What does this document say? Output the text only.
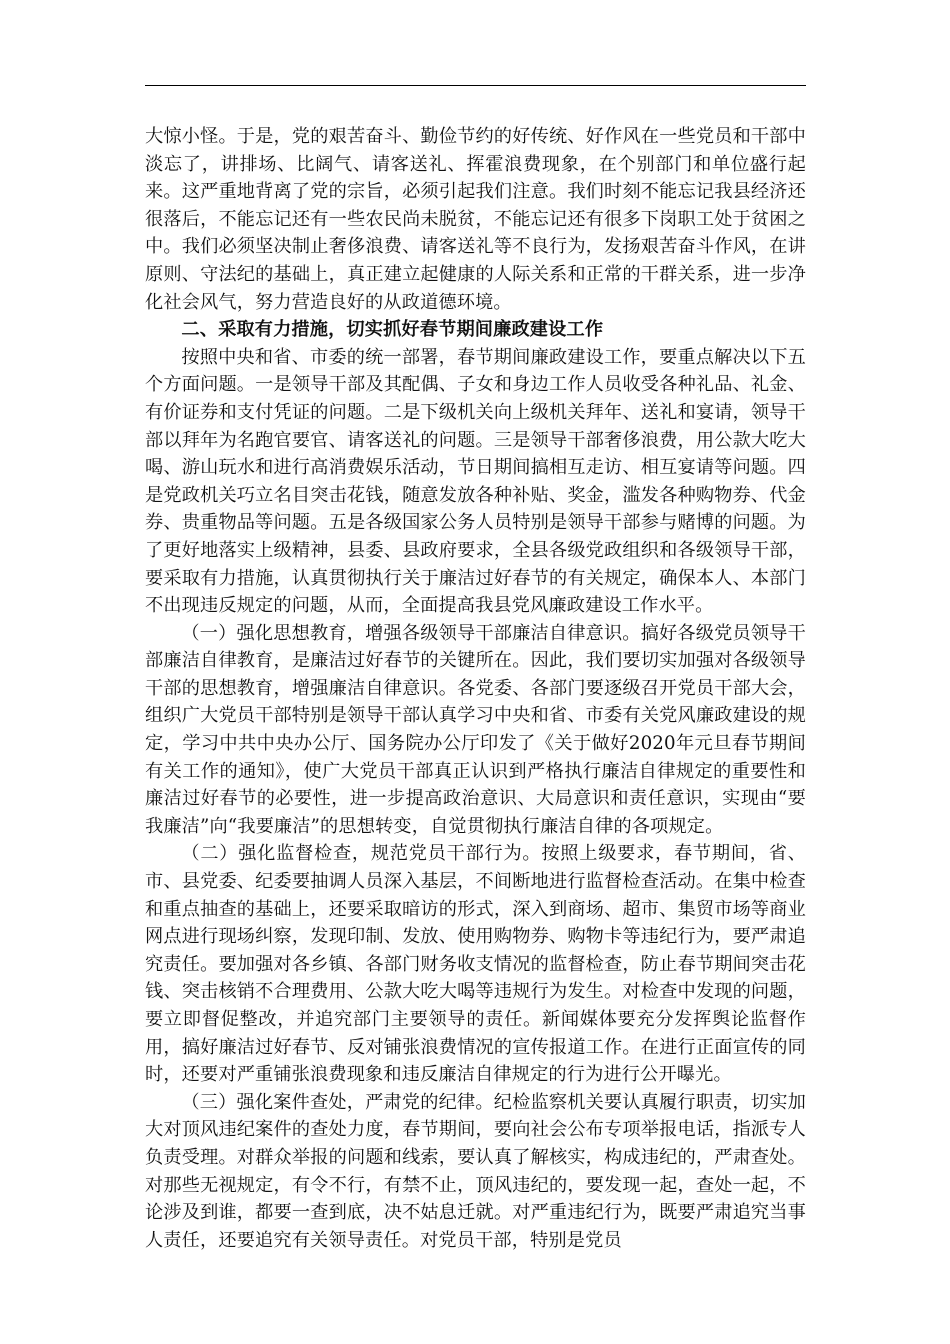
大惊小怪。于是，党的艰苦奋斗、勤俭节约的好传统、好作风在一些党员和干部中淡忘了，讲排场、比阔气、请客送礼、挥霍浪费现象，在个别部门和单位盛行起来。这严重地背离了党的宗旨，必须引起我们注意。我们时刻不能忘记我县经济还很落后，不能忘记还有一些农民尚未脱贫，不能忘记还有很多下岗职工处于贫困之中。我们必须坚决制止奢侈浪费、请客送礼等不良行为，发扬艰苦奋斗作风，在讲原则、守法纪的基础上，真正建立起健康的人际关系和正常的干群关系，进一步净化社会风气，努力营造良好的从政道德环境。

二、采取有力措施，切实抓好春节期间廉政建设工作

按照中央和省、市委的统一部署，春节期间廉政建设工作，要重点解决以下五个方面问题。一是领导干部及其配偶、子女和身边工作人员收受各种礼品、礼金、有价证券和支付凭证的问题。二是下级机关向上级机关拜年、送礼和宴请，领导干部以拜年为名跑官要官、请客送礼的问题。三是领导干部奢侈浪费，用公款大吃大喝、游山玩水和进行高消费娱乐活动，节日期间搞相互走访、相互宴请等问题。四是党政机关巧立名目突击花钱，随意发放各种补贴、奖金，滥发各种购物券、代金券、贵重物品等问题。五是各级国家公务人员特别是领导干部参与赌博的问题。为了更好地落实上级精神，县委、县政府要求，全县各级党政组织和各级领导干部，要采取有力措施，认真贯彻执行关于廉洁过好春节的有关规定，确保本人、本部门不出现违反规定的问题，从而，全面提高我县党风廉政建设工作水平。

（一）强化思想教育，增强各级领导干部廉洁自律意识。搞好各级党员领导干部廉洁自律教育，是廉洁过好春节的关键所在。因此，我们要切实加强对各级领导干部的思想教育，增强廉洁自律意识。各党委、各部门要逐级召开党员干部大会，组织广大党员干部特别是领导干部认真学习中央和省、市委有关党风廉政建设的规定，学习中共中央办公厅、国务院办公厅印发了《关于做好2020年元旦春节期间有关工作的通知》，使广大党员干部真正认识到严格执行廉洁自律规定的重要性和廉洁过好春节的必要性，进一步提高政治意识、大局意识和责任意识，实现由“要我廉洁”向“我要廉洁”的思想转变，自觉贯彻执行廉洁自律的各项规定。

（二）强化监督检查，规范党员干部行为。按照上级要求，春节期间，省、市、县党委、纪委要抽调人员深入基层，不间断地进行监督检查活动。在集中检查和重点抽查的基础上，还要采取暗访的形式，深入到商场、超市、集贸市场等商业网点进行现场纠察，发现印制、发放、使用购物券、购物卡等违纪行为，要严肃追究责任。要加强对各乡镇、各部门财务收支情况的监督检查，防止春节期间突击花钱、突击核销不合理费用、公款大吃大喝等违规行为发生。对检查中发现的问题，要立即督促整改，并追究部门主要领导的责任。新闻媒体要充分发挥舆论监督作用，搞好廉洁过好春节、反对铺张浪费情况的宣传报道工作。在进行正面宣传的同时，还要对严重铺张浪费现象和违反廉洁自律规定的行为进行公开曝光。

（三）强化案件查处，严肃党的纪律。纪检监察机关要认真履行职责，切实加大对顶风违纪案件的查处力度，春节期间，要向社会公布专项举报电话，指派专人负责受理。对群众举报的问题和线索，要认真了解核实，构成违纪的，严肃查处。对那些无视规定，有令不行，有禁不止，顶风违纪的，要发现一起，查处一起，不论涉及到谁，都要一查到底，决不姑息迁就。对严重违纪行为，既要严肃追究当事人责任，还要追究有关领导责任。对党员干部，特别是党员
